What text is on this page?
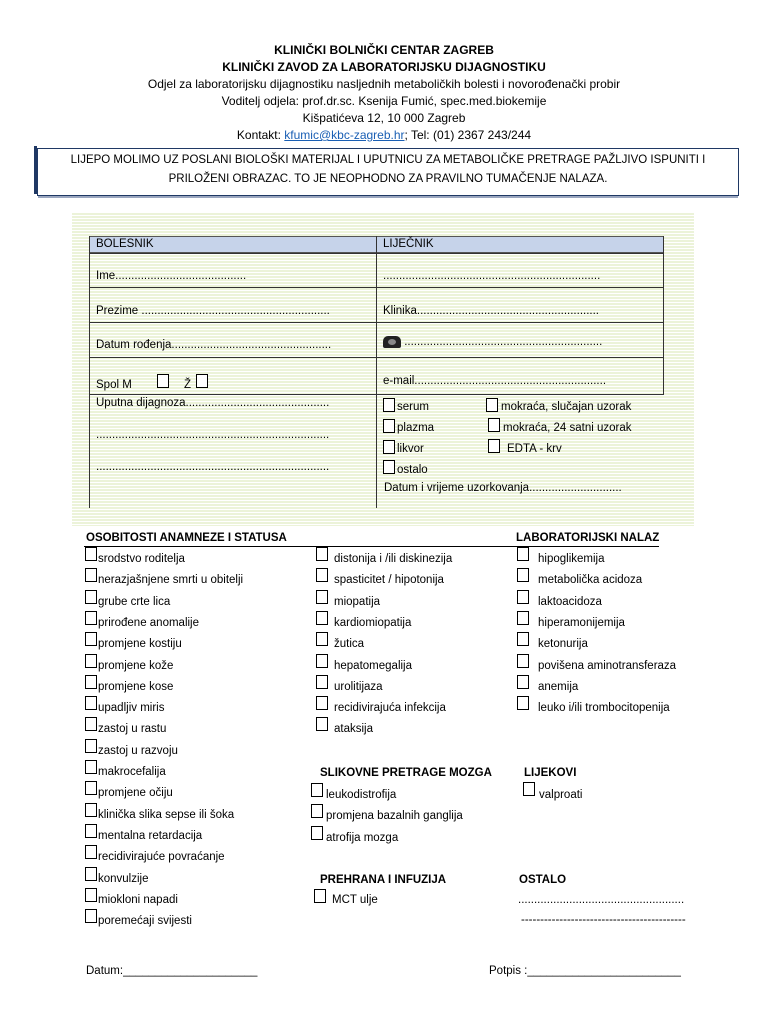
KLINIČKI BOLNIČKI CENTAR ZAGREB
KLINIČKI ZAVOD ZA LABORATORIJSKU DIJAGNOSTIKU
Odjel za laboratorijsku dijagnostiku nasljednih metaboličkih bolesti i novorođenački probir
Voditelj odjela: prof.dr.sc. Ksenija Fumić, spec.med.biokemije
Kišpatićeva 12, 10 000 Zagreb
Kontakt: kfumic@kbc-zagreb.hr; Tel: (01) 2367 243/244
LIJEPO MOLIMO UZ POSLANI BIOLOŠKI MATERIJAL I UPUTNICU ZA METABOLIČKE PRETRAGE PAŽLJIVO ISPUNITI I
PRILOŽENI OBRAZAC. TO JE NEOPHODNO ZA PRAVILNO TUMAČENJE NALAZA.
BOLESNIK	LIJEČNIK
Ime.........................................	....................................................................
Prezime ...........................................................	Klinika.........................................................
Datum rođenja..................................................	..............................................................
Spol M	Ž	e-mail............................................................
Uputna dijagnoza.............................................
.........................................................................
.........................................................................
serum	mokraća, slučajan uzorak
plazma	mokraća, 24 satni uzorak
likvor	EDTA - krv
ostalo
Datum i vrijeme uzorkovanja.............................
OSOBITOSTI ANAMNEZE I STATUSA	LABORATORIJSKI NALAZ
srodstvo roditelja
nerazjašnjene smrti u obitelji
grube crte lica
prirođene anomalije
promjene kostiju
promjene kože
promjene kose
upadljiv miris
zastoj u rastu
zastoj u razvoju
makrocefalija
promjene očiju
klinička slika sepse ili šoka
mentalna retardacija
recidivirajuće povraćanje
konvulzije
miokloni napadi
poremećaji svijesti
distonija i /ili diskinezija
spasticitet / hipotonija
miopatija
kardiomiopatija
žutica
hepatomegalija
urolitijaza
recidivirajuća infekcija
ataksija
hipoglikemija
metabolička acidoza
laktoacidoza
hiperamonijemija
ketonurija
povišena aminotransferaza
anemija
leuko i/ili trombocitopenija
SLIKOVNE PRETRAGE MOZGA
leukodistrofija
promjena bazalnih ganglija
atrofija mozga
LIJEKOVI
valproati
PREHRANA I INFUZIJA
MCT ulje
OSTALO
....................................................
-------------------------------------------
Datum:_____________________	Potpis :________________________
